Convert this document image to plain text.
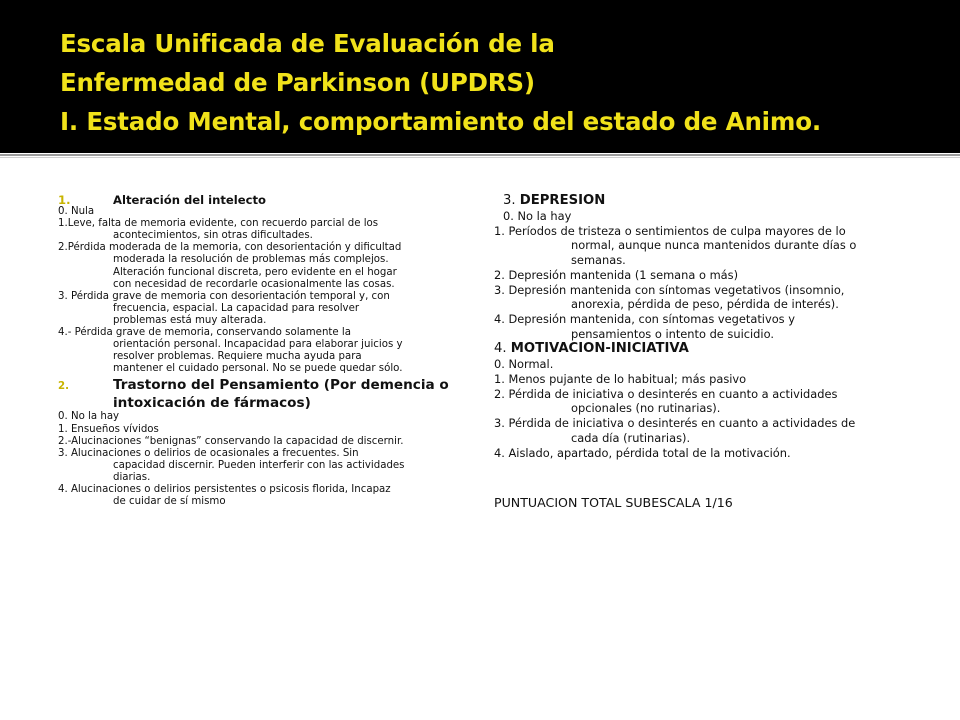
Escala Unificada de Evaluación de la
Enfermedad de Parkinson (UPDRS)
I. Estado Mental, comportamiento del estado de Animo.
1.	Alteración del intelecto
0. Nula
1.Leve, falta de memoria evidente, con recuerdo parcial de los
acontecimientos, sin otras dificultades.
2.Pérdida moderada de la memoria, con desorientación y dificultad
moderada la resolución de problemas más complejos.
Alteración funcional discreta, pero evidente en el hogar
con necesidad de recordarle ocasionalmente las cosas.
3. Pérdida grave de memoria con desorientación temporal y, con
frecuencia, espacial. La capacidad para resolver
problemas está muy alterada.
4.- Pérdida grave de memoria, conservando solamente la
orientación personal. Incapacidad para elaborar juicios y
resolver problemas. Requiere mucha ayuda para
mantener el cuidado personal. No se puede quedar sólo.
2.	Trastorno del Pensamiento (Por demencia o
intoxicación de fármacos)
0. No la hay
1. Ensueños vívidos
2.-Alucinaciones “benignas” conservando la capacidad de discernir.
3. Alucinaciones o delirios de ocasionales a frecuentes. Sin
capacidad discernir. Pueden interferir con las actividades
diarias.
4. Alucinaciones o delirios persistentes o psicosis florida, Incapaz
de cuidar de sí mismo
3. DEPRESION
0. No la hay
1. Períodos de tristeza o sentimientos de culpa mayores de lo
normal, aunque nunca mantenidos durante días o
semanas.
2. Depresión mantenida (1 semana o más)
3. Depresión mantenida con síntomas vegetativos (insomnio,
anorexia, pérdida de peso, pérdida de interés).
4. Depresión mantenida, con síntomas vegetativos y
pensamientos o intento de suicidio.
4. MOTIVACION-INICIATIVA
0. Normal.
1. Menos pujante de lo habitual; más pasivo
2. Pérdida de iniciativa o desinterés en cuanto a actividades
opcionales (no rutinarias).
3. Pérdida de iniciativa o desinterés en cuanto a actividades de
cada día (rutinarias).
4. Aislado, apartado, pérdida total de la motivación.
PUNTUACION TOTAL SUBESCALA 1/16
